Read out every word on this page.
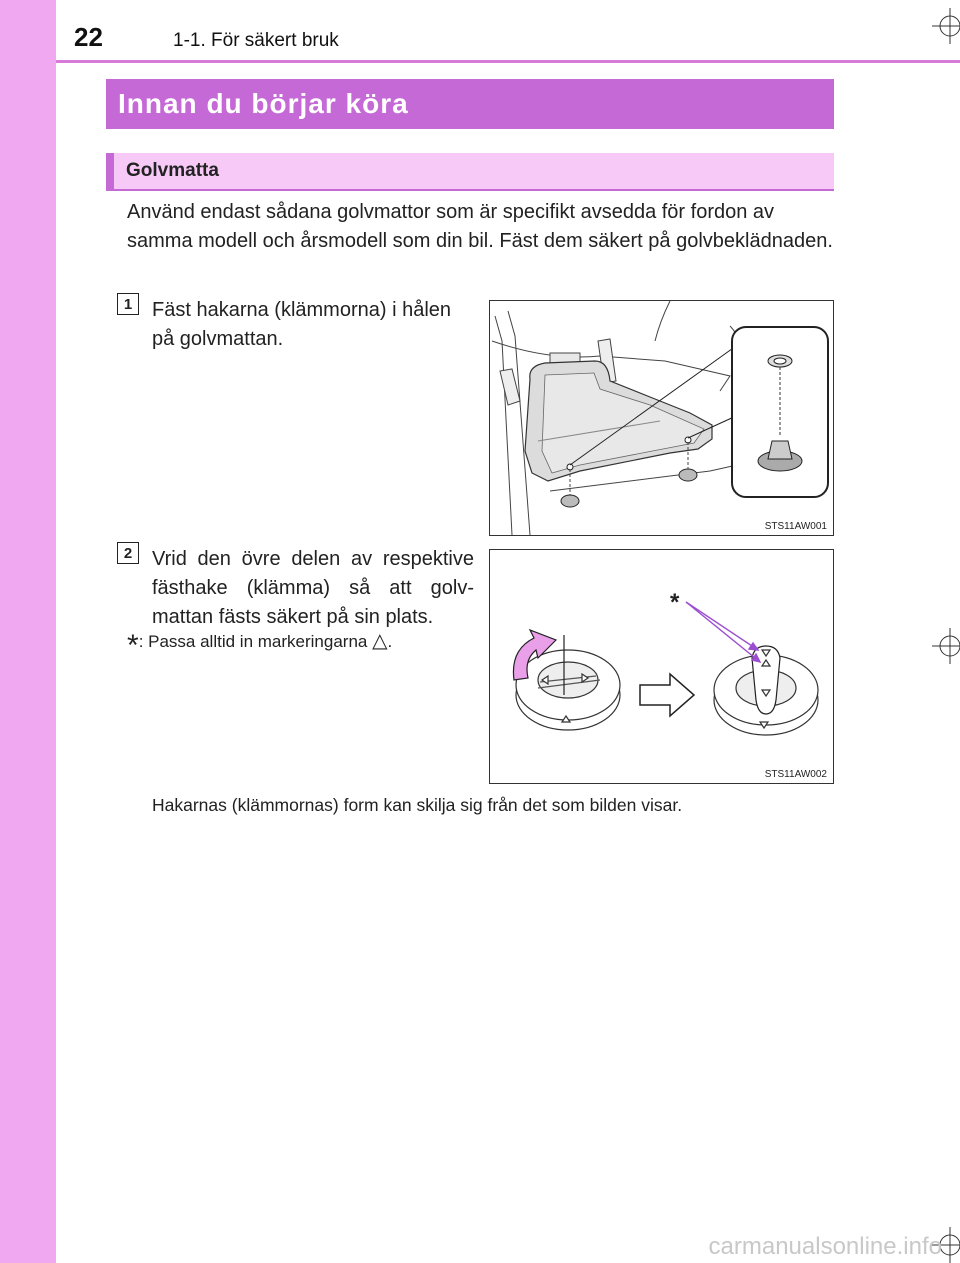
22	1-1. För säkert bruk
Innan du börjar köra
Golvmatta
Använd endast sådana golvmattor som är specifikt avsedda för fordon av samma modell och årsmodell som din bil. Fäst dem säkert på golvbeklädnaden.
1 Fäst hakarna (klämmorna) i hålen på golvmattan.
2 Vrid den övre delen av respektive fästhake (klämma) så att golvmattan fästs säkert på sin plats.
*: Passa alltid in markeringarna △.
STS11AW001
*
STS11AW002
Hakarnas (klämmornas) form kan skilja sig från det som bilden visar.
carmanualsonline.info
